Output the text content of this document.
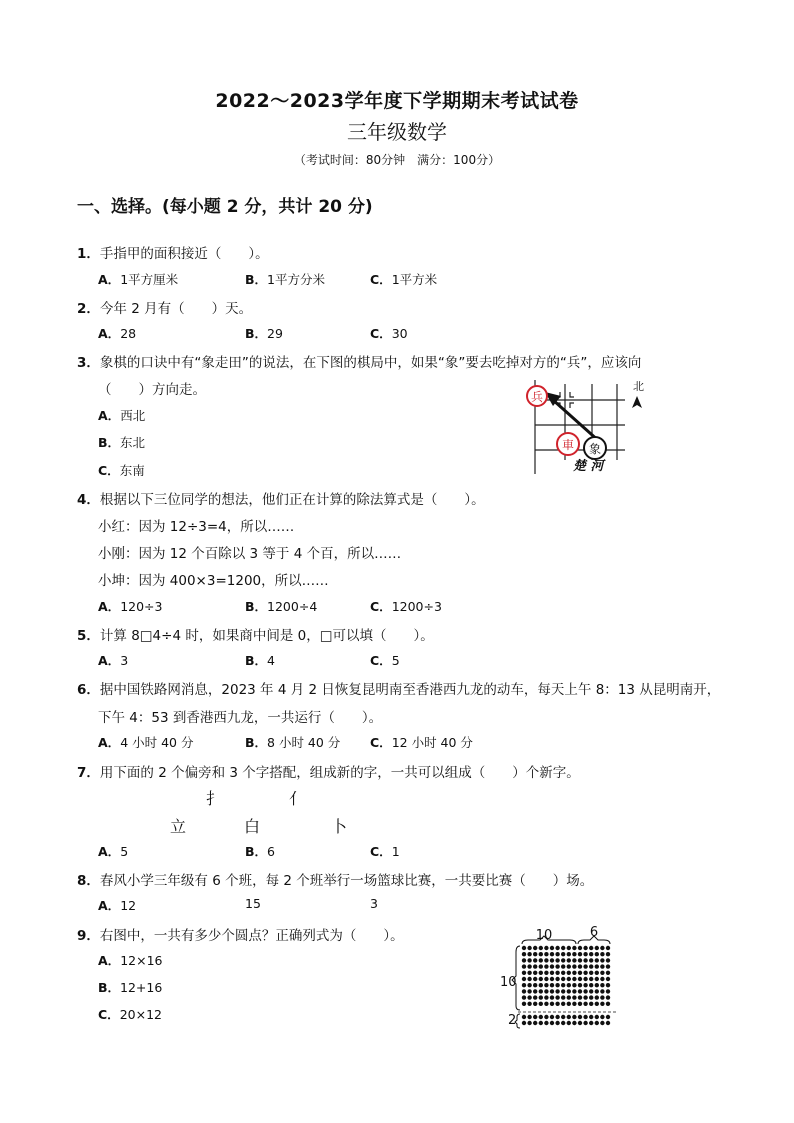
2022～2023学年度下学期期末考试试卷
三年级数学
（考试时间：80分钟　满分：100分）
一、选择。(每小题 2 分，共计 20 分)
1．手指甲的面积接近（　　）。
A．1平方厘米	B．1平方分米	C．1平方米
2．今年 2 月有（　　）天。
A．28	B．29	C．30
3．象棋的口诀中有“象走田”的说法，在下图的棋局中，如果“象”要去吃掉对方的“兵”，应该向
（　　）方向走。
A．西北
B．东北
C．东南
兵
車 象
楚 河
北
4．根据以下三位同学的想法，他们正在计算的除法算式是（　　）。
小红：因为 12÷3=4，所以……
小刚：因为 12 个百除以 3 等于 4 个百，所以……
小坤：因为 400×3=1200，所以……
A．120÷3	B．1200÷4	C．1200÷3
5．计算 8□4÷4 时，如果商中间是 0，□可以填（　　）。
A．3	B．4	C．5
6．据中国铁路网消息，2023 年 4 月 2 日恢复昆明南至香港西九龙的动车，每天上午 8：13 从昆明南开，
下午 4：53 到香港西九龙，一共运行（　　）。
A．4 小时 40 分	B．8 小时 40 分 C．12 小时 40 分
7．用下面的 2 个偏旁和 3 个字搭配，组成新的字，一共可以组成（　　）个新字。
扌	亻
立	白	卜
A．5	B．6	C．1
8．春风小学三年级有 6 个班，每 2 个班举行一场篮球比赛，一共要比赛（　　）场。
A．12	15	3
9．右图中，一共有多少个圆点？正确列式为（　　）。
A．12×16
B．12+16
C．20×12
10	6
10
2
